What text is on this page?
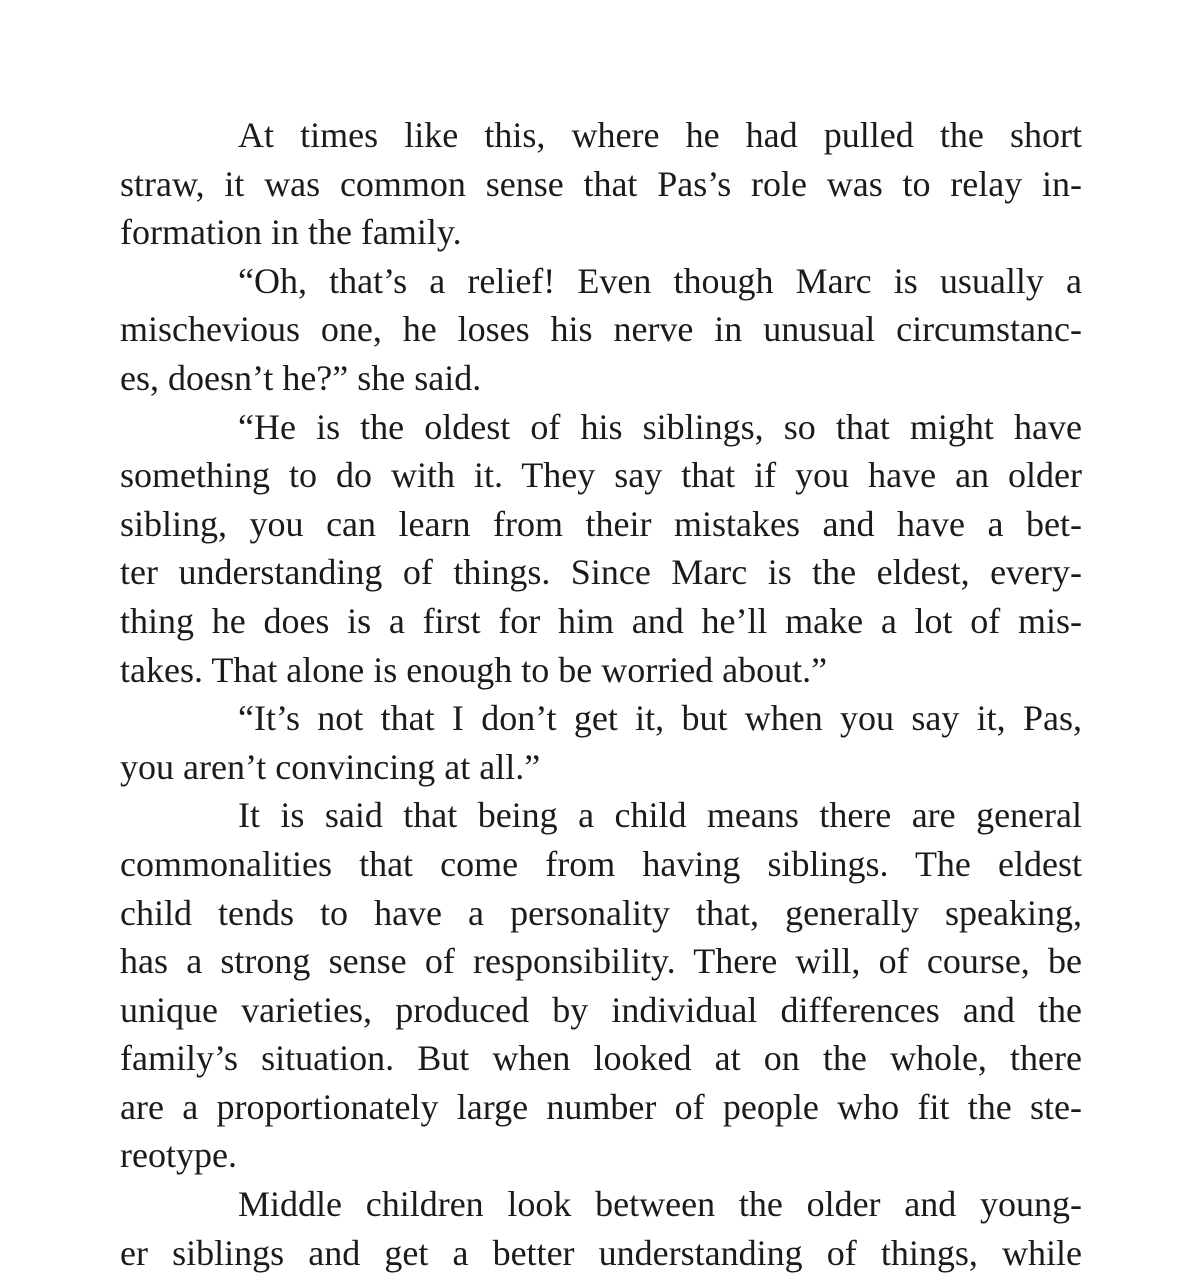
At times like this, where he had pulled the short
straw, it was common sense that Pas’s role was to relay in-
formation in the family.
“Oh, that’s a relief! Even though Marc is usually a
mischevious one, he loses his nerve in unusual circumstanc-
es, doesn’t he?” she said.
“He is the oldest of his siblings, so that might have
something to do with it. They say that if you have an older
sibling, you can learn from their mistakes and have a bet-
ter understanding of things. Since Marc is the eldest, every-
thing he does is a first for him and he’ll make a lot of mis-
takes. That alone is enough to be worried about.”
“It’s not that I don’t get it, but when you say it, Pas,
you aren’t convincing at all.”
It is said that being a child means there are general
commonalities that come from having siblings. The eldest
child tends to have a personality that, generally speaking,
has a strong sense of responsibility. There will, of course, be
unique varieties, produced by individual differences and the
family’s situation. But when looked at on the whole, there
are a proportionately large number of people who fit the ste-
reotype.
Middle children look between the older and young-
er siblings and get a better understanding of things, while
